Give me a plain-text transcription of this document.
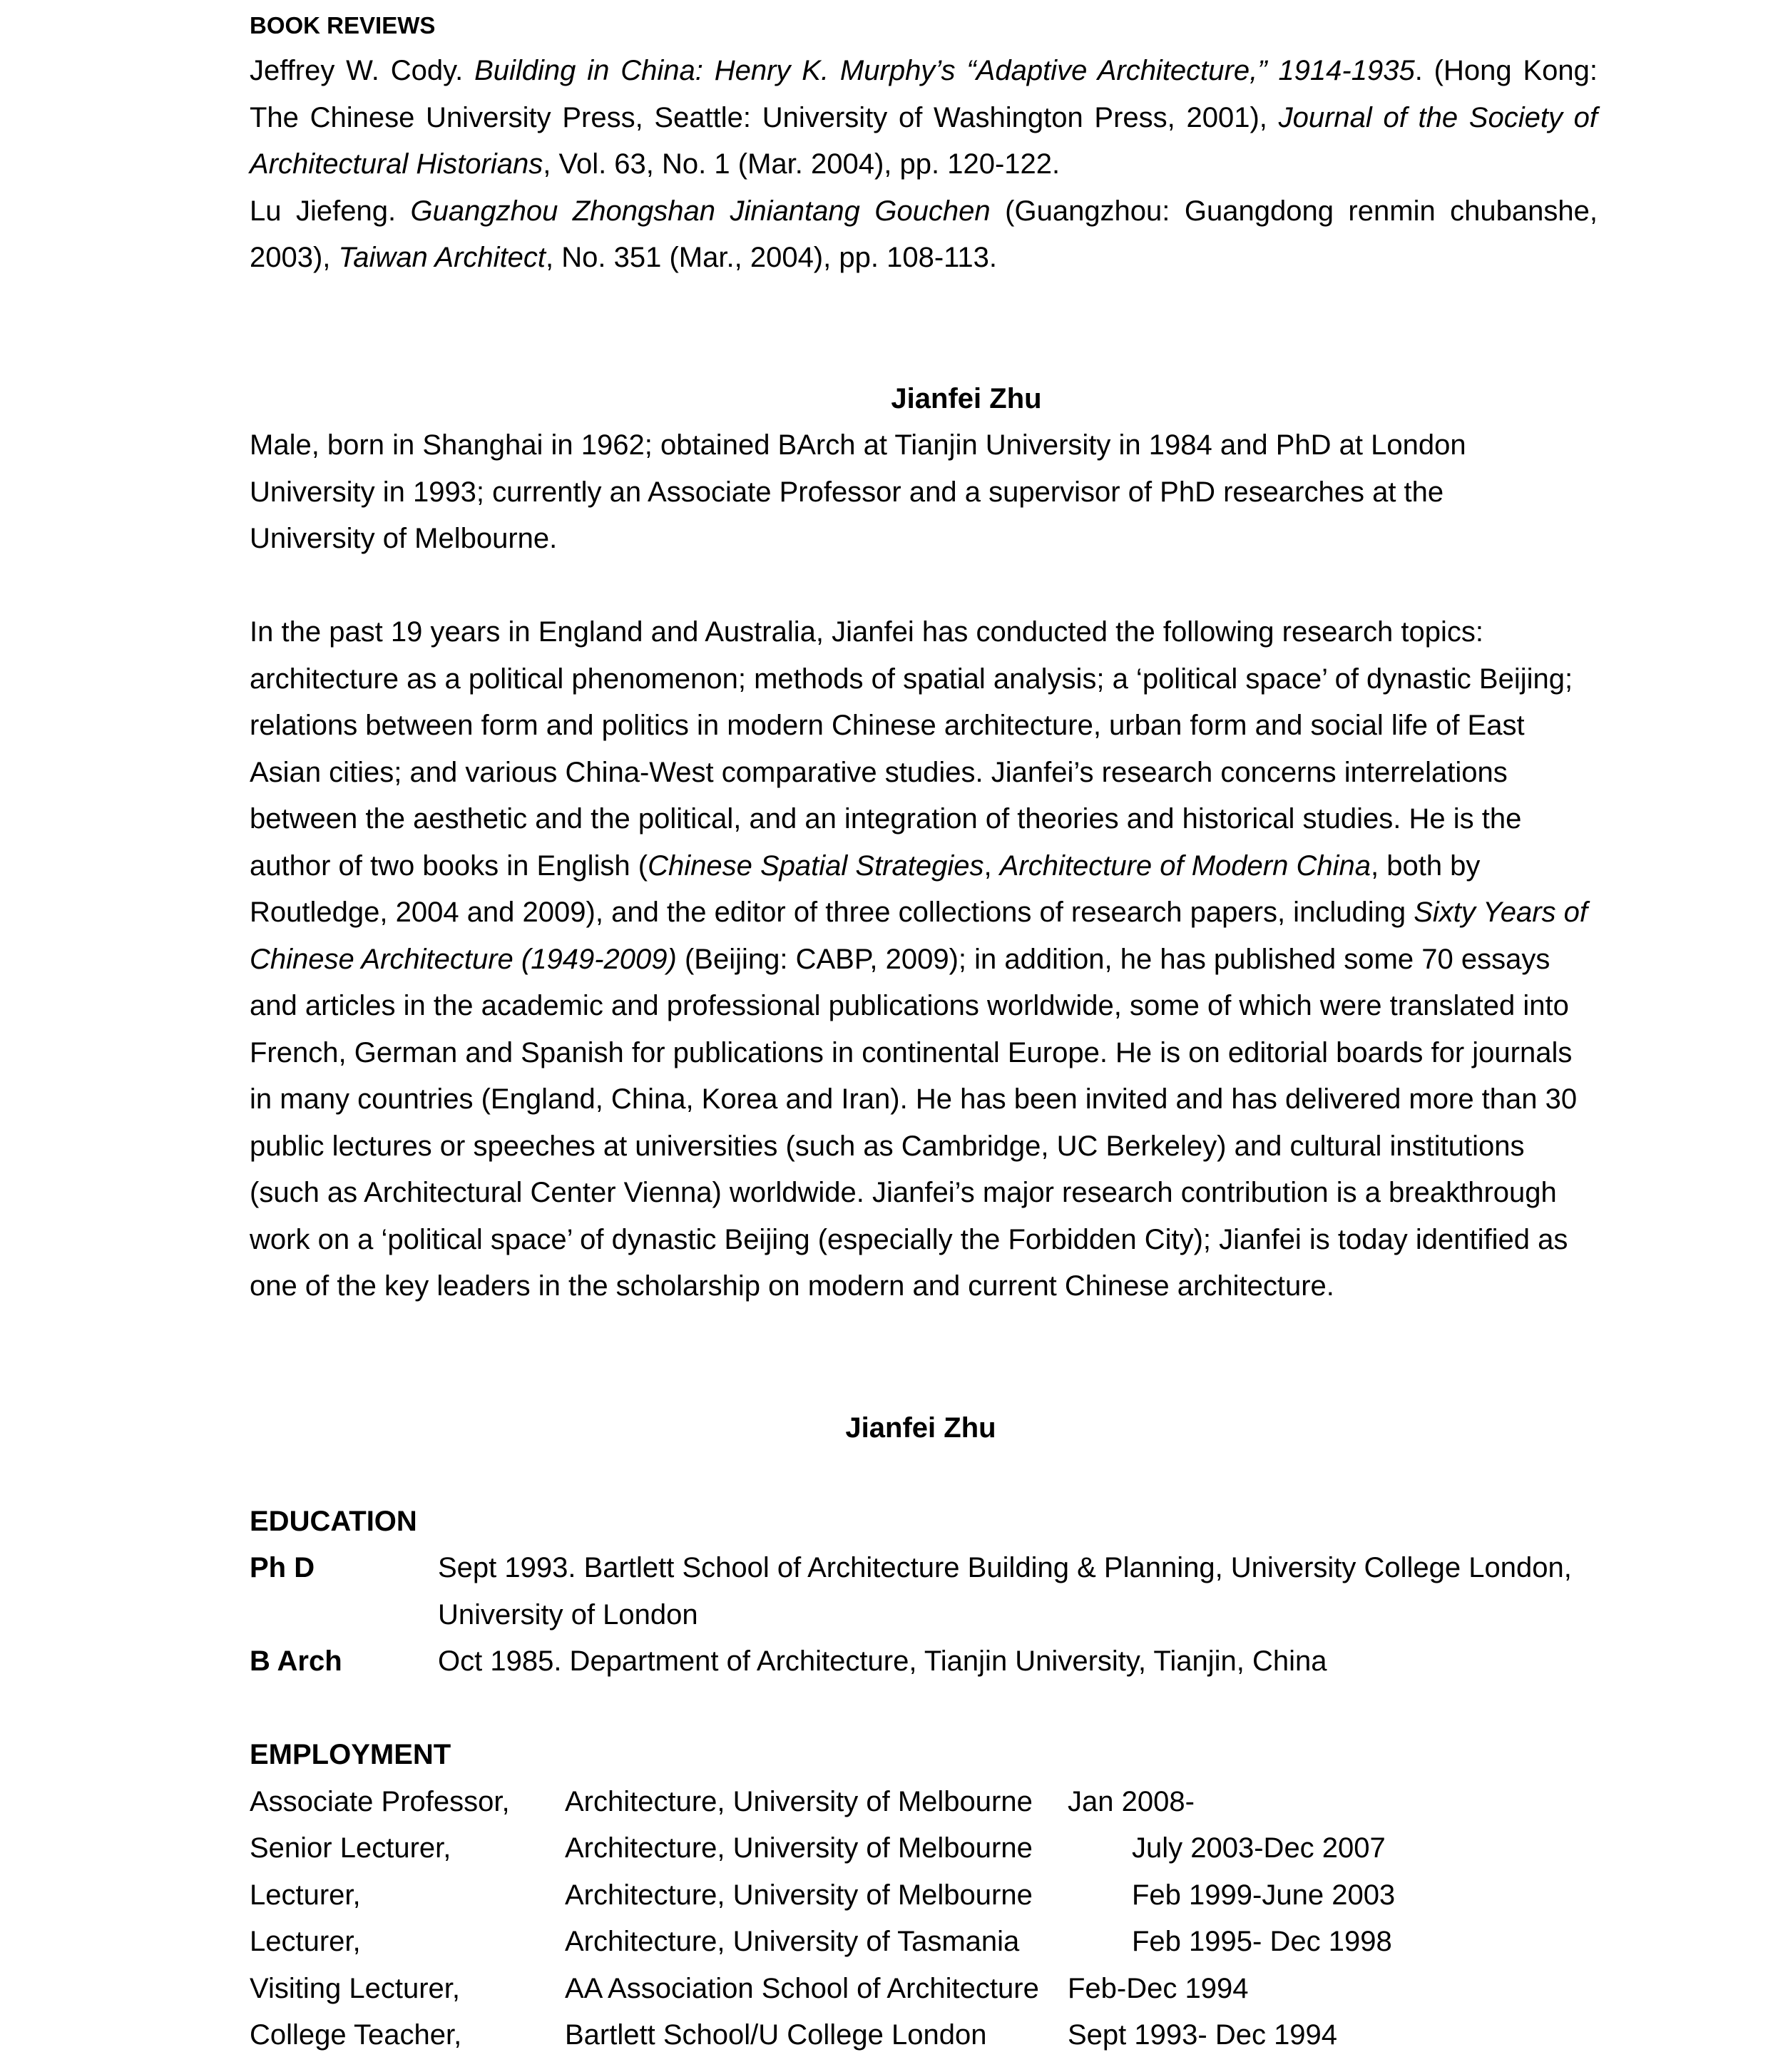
BOOK REVIEWS

Jeffrey W. Cody. Building in China: Henry K. Murphy’s “Adaptive Architecture,” 1914-1935. (Hong Kong: The Chinese University Press, Seattle: University of Washington Press, 2001), Journal of the Society of Architectural Historians, Vol. 63, No. 1 (Mar. 2004), pp. 120-122.

Lu Jiefeng. Guangzhou Zhongshan Jiniantang Gouchen (Guangzhou: Guangdong renmin chubanshe, 2003), Taiwan Architect, No. 351 (Mar., 2004), pp. 108-113.

Jianfei Zhu

Male, born in Shanghai in 1962; obtained BArch at Tianjin University in 1984 and PhD at London University in 1993; currently an Associate Professor and a supervisor of PhD researches at the University of Melbourne.

In the past 19 years in England and Australia, Jianfei has conducted the following research topics: architecture as a political phenomenon; methods of spatial analysis; a ‘political space’ of dynastic Beijing; relations between form and politics in modern Chinese architecture, urban form and social life of East Asian cities; and various China-West comparative studies. Jianfei’s research concerns interrelations between the aesthetic and the political, and an integration of theories and historical studies. He is the author of two books in English (Chinese Spatial Strategies, Architecture of Modern China, both by Routledge, 2004 and 2009), and the editor of three collections of research papers, including Sixty Years of Chinese Architecture (1949-2009) (Beijing: CABP, 2009); in addition, he has published some 70 essays and articles in the academic and professional publications worldwide, some of which were translated into French, German and Spanish for publications in continental Europe. He is on editorial boards for journals in many countries (England, China, Korea and Iran). He has been invited and has delivered more than 30 public lectures or speeches at universities (such as Cambridge, UC Berkeley) and cultural institutions (such as Architectural Center Vienna) worldwide. Jianfei’s major research contribution is a breakthrough work on a ‘political space’ of dynastic Beijing (especially the Forbidden City); Jianfei is today identified as one of the key leaders in the scholarship on modern and current Chinese architecture.

Jianfei Zhu
EDUCATION
Ph D	Sept 1993. Bartlett School of Architecture Building & Planning, University College London, University of London
B Arch	Oct 1985. Department of Architecture, Tianjin University, Tianjin, China
EMPLOYMENT
Associate Professor, Architecture, University of Melbourne Jan 2008-
Senior Lecturer,	Architecture, University of Melbourne	July 2003-Dec 2007
Lecturer,	Architecture, University of Melbourne	Feb 1999-June 2003
Lecturer,	Architecture, University of Tasmania	Feb 1995- Dec 1998
Visiting Lecturer,	AA Association School of Architecture Feb-Dec 1994
College Teacher,	Bartlett School/U College London	Sept 1993- Dec 1994
